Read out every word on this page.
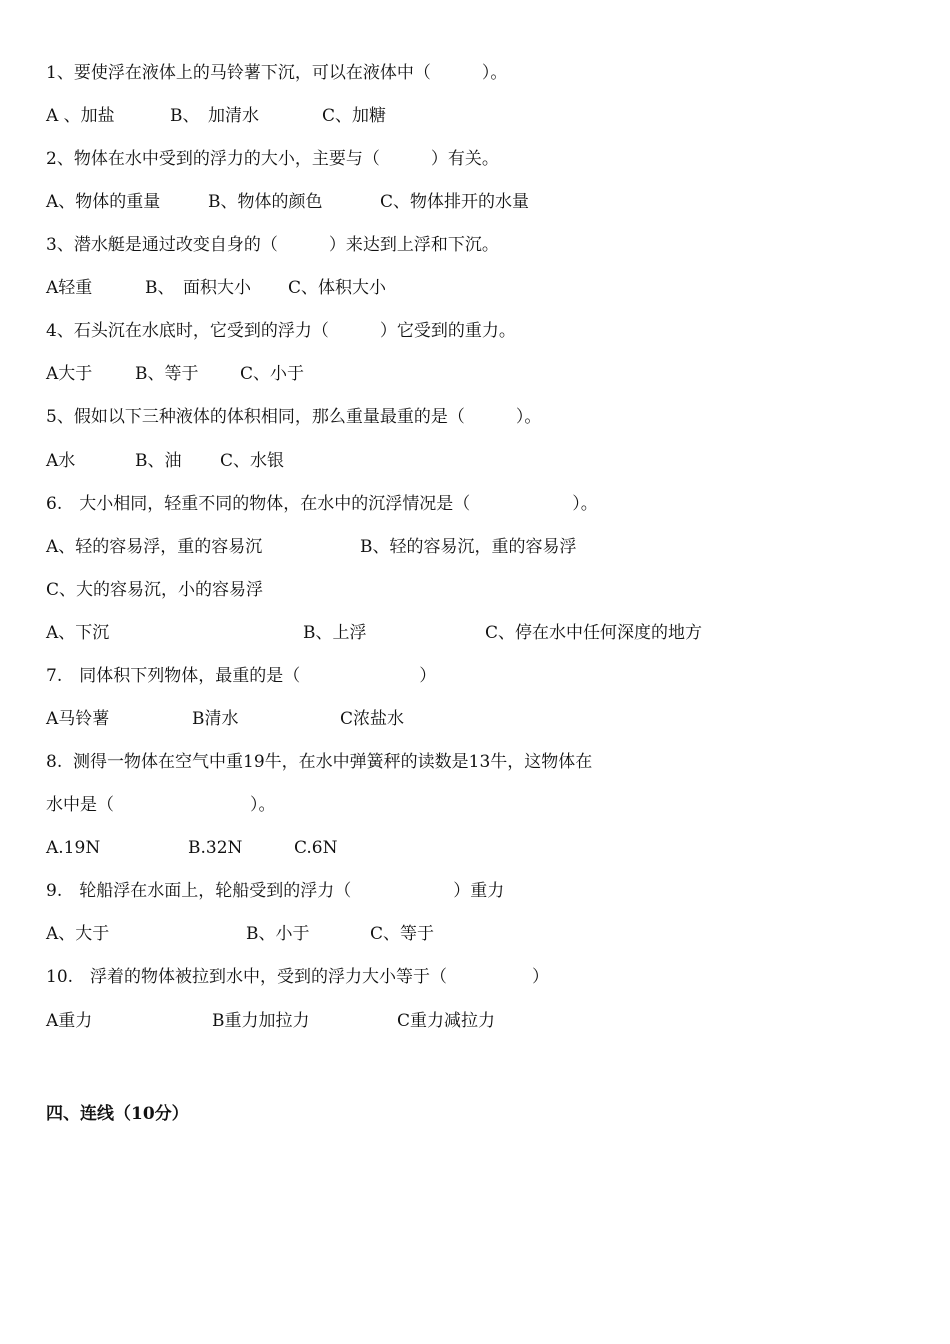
1、要使浮在液体上的马铃薯下沉，可以在液体中（　　　）。
A 、加盐	B、　加清水	C、加糖
2、物体在水中受到的浮力的大小，主要与（　　　）有关。
A、物体的重量	B、物体的颜色	C、物体排开的水量
3、潜水艇是通过改变自身的（　　　）来达到上浮和下沉。
A轻重	B、　面积大小 C、体积大小
4、石头沉在水底时，它受到的浮力（　　　）它受到的重力。
A大于	B、等于 C、小于
5、假如以下三种液体的体积相同，那么重量最重的是（　　　）。
A水	B、油 C、水银
6.　大小相同，轻重不同的物体，在水中的沉浮情况是（　　　　　　）。
A、轻的容易浮，重的容易沉	B、轻的容易沉，重的容易浮
C、大的容易沉，小的容易浮
A、下沉	B、上浮	C、停在水中任何深度的地方
7.　同体积下列物体，最重的是（　　　　　　　）
A马铃薯	B清水	C浓盐水
8.  测得一物体在空气中重19牛，在水中弹簧秤的读数是13牛，这物体在
水中是（　　　　　　　　）。
A.19N	B.32N	C.6N
9.　轮船浮在水面上，轮船受到的浮力（　　　　　　）重力
A、大于	B、小于	C、等于
10.　浮着的物体被拉到水中，受到的浮力大小等于（　　　　　）
A重力	B重力加拉力	C重力减拉力
四、连线（10分）
